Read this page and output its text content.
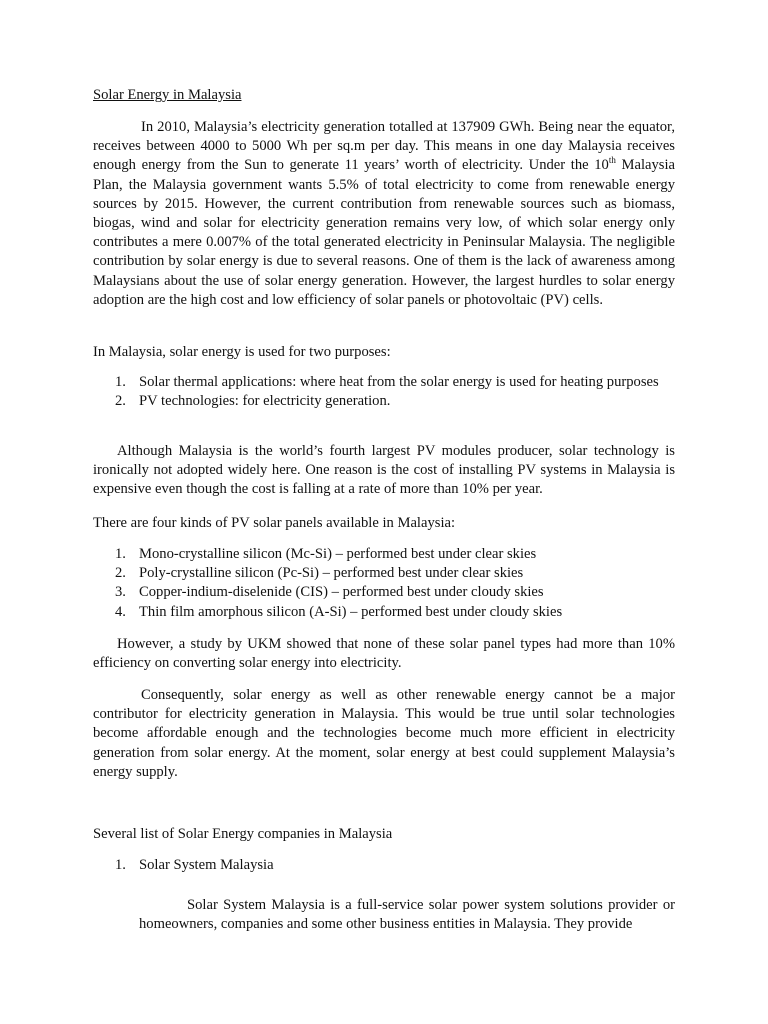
Solar Energy in Malaysia

In 2010, Malaysia’s electricity generation totalled at 137909 GWh. Being near the equator, receives between 4000 to 5000 Wh per sq.m per day. This means in one day Malaysia receives enough energy from the Sun to generate 11 years’ worth of electricity. Under the 10th Malaysia Plan, the Malaysia government wants 5.5% of total electricity to come from renewable energy sources by 2015. However, the current contribution from renewable sources such as biomass, biogas, wind and solar for electricity generation remains very low, of which solar energy only contributes a mere 0.007% of the total generated electricity in Peninsular Malaysia. The negligible contribution by solar energy is due to several reasons. One of them is the lack of awareness among Malaysians about the use of solar energy generation. However, the largest hurdles to solar energy adoption are the high cost and low efficiency of solar panels or photovoltaic (PV) cells.

In Malaysia, solar energy is used for two purposes:

1. Solar thermal applications: where heat from the solar energy is used for heating purposes
2. PV technologies: for electricity generation.

Although Malaysia is the world’s fourth largest PV modules producer, solar technology is ironically not adopted widely here. One reason is the cost of installing PV systems in Malaysia is expensive even though the cost is falling at a rate of more than 10% per year.

There are four kinds of PV solar panels available in Malaysia:

1. Mono-crystalline silicon (Mc-Si) – performed best under clear skies
2. Poly-crystalline silicon (Pc-Si) – performed best under clear skies
3. Copper-indium-diselenide (CIS) – performed best under cloudy skies
4. Thin film amorphous silicon (A-Si) – performed best under cloudy skies

However, a study by UKM showed that none of these solar panel types had more than 10% efficiency on converting solar energy into electricity.

Consequently, solar energy as well as other renewable energy cannot be a major contributor for electricity generation in Malaysia. This would be true until solar technologies become affordable enough and the technologies become much more efficient in electricity generation from solar energy. At the moment, solar energy at best could supplement Malaysia’s energy supply.

Several list of Solar Energy companies in Malaysia

1. Solar System Malaysia

Solar System Malaysia is a full-service solar power system solutions provider or homeowners, companies and some other business entities in Malaysia. They provide
